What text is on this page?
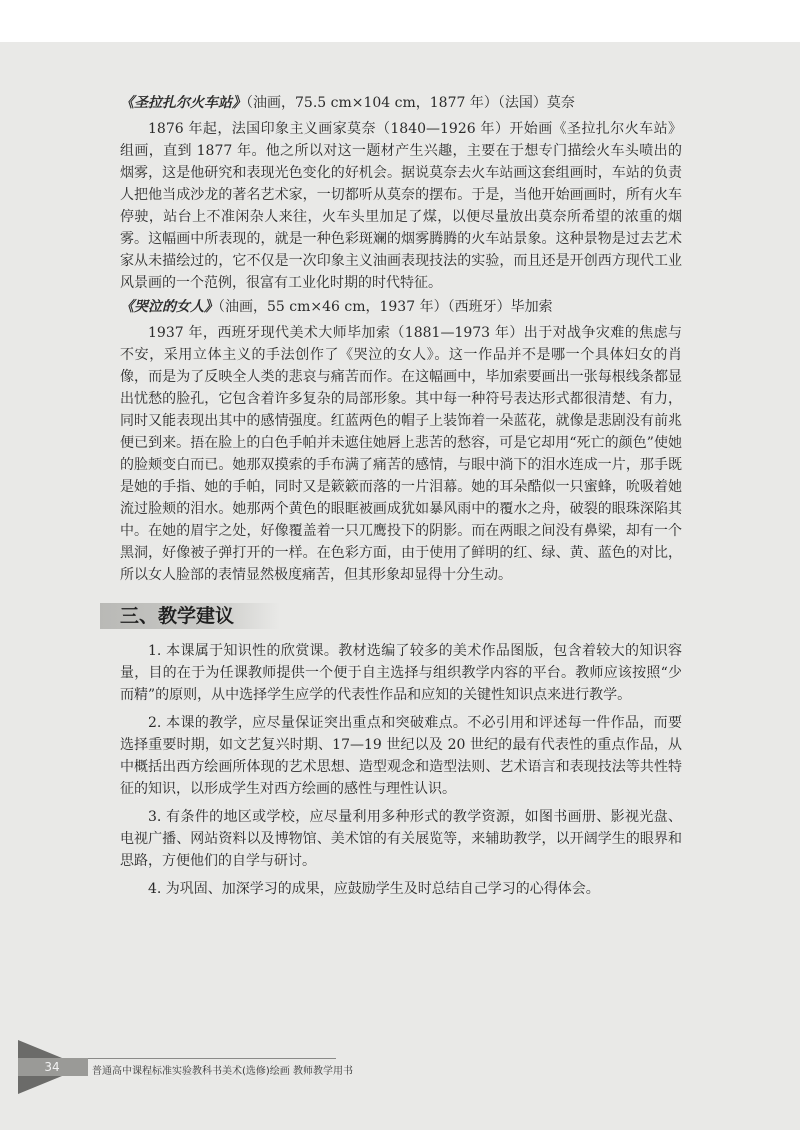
《圣拉扎尔火车站》（油画，75.5 cm×104 cm，1877 年）（法国）莫奈

1876 年起，法国印象主义画家莫奈（1840—1926 年）开始画《圣拉扎尔火车站》组画，直到 1877 年。他之所以对这一题材产生兴趣，主要在于想专门描绘火车头喷出的烟雾，这是他研究和表现光色变化的好机会。据说莫奈去火车站画这套组画时，车站的负责人把他当成沙龙的著名艺术家，一切都听从莫奈的摆布。于是，当他开始画画时，所有火车停驶，站台上不准闲杂人来往，火车头里加足了煤，以便尽量放出莫奈所希望的浓重的烟雾。这幅画中所表现的，就是一种色彩斑斓的烟雾腾腾的火车站景象。这种景物是过去艺术家从未描绘过的，它不仅是一次印象主义油画表现技法的实验，而且还是开创西方现代工业风景画的一个范例，很富有工业化时期的时代特征。

《哭泣的女人》（油画，55 cm×46 cm，1937 年）（西班牙）毕加索

1937 年，西班牙现代美术大师毕加索（1881—1973 年）出于对战争灾难的焦虑与不安，采用立体主义的手法创作了《哭泣的女人》。这一作品并不是哪一个具体妇女的肖像，而是为了反映全人类的悲哀与痛苦而作。在这幅画中，毕加索要画出一张每根线条都显出忧愁的脸孔，它包含着许多复杂的局部形象。其中每一种符号表达形式都很清楚、有力，同时又能表现出其中的感情强度。红蓝两色的帽子上装饰着一朵蓝花，就像是悲剧没有前兆便已到来。捂在脸上的白色手帕并未遮住她唇上悲苦的愁容，可是它却用“死亡的颜色”使她的脸颊变白而已。她那双摸索的手布满了痛苦的感情，与眼中淌下的泪水连成一片，那手既是她的手指、她的手帕，同时又是簌簌而落的一片泪幕。她的耳朵酷似一只蜜蜂，吮吸着她流过脸颊的泪水。她那两个黄色的眼眶被画成犹如暴风雨中的覆水之舟，破裂的眼珠深陷其中。在她的眉宇之处，好像覆盖着一只兀鹰投下的阴影。而在两眼之间没有鼻梁，却有一个黑洞，好像被子弹打开的一样。在色彩方面，由于使用了鲜明的红、绿、黄、蓝色的对比，所以女人脸部的表情显然极度痛苦，但其形象却显得十分生动。

三、教学建议

1. 本课属于知识性的欣赏课。教材选编了较多的美术作品图版，包含着较大的知识容量，目的在于为任课教师提供一个便于自主选择与组织教学内容的平台。教师应该按照“少而精”的原则，从中选择学生应学的代表性作品和应知的关键性知识点来进行教学。

2. 本课的教学，应尽量保证突出重点和突破难点。不必引用和评述每一件作品，而要选择重要时期，如文艺复兴时期、17—19 世纪以及 20 世纪的最有代表性的重点作品，从中概括出西方绘画所体现的艺术思想、造型观念和造型法则、艺术语言和表现技法等共性特征的知识，以形成学生对西方绘画的感性与理性认识。

3. 有条件的地区或学校，应尽量利用多种形式的教学资源，如图书画册、影视光盘、电视广播、网站资料以及博物馆、美术馆的有关展览等，来辅助教学，以开阔学生的眼界和思路，方便他们的自学与研讨。

4. 为巩固、加深学习的成果，应鼓励学生及时总结自己学习的心得体会。

34	普通高中课程标准实验教科书美术(选修)绘画 教师教学用书
